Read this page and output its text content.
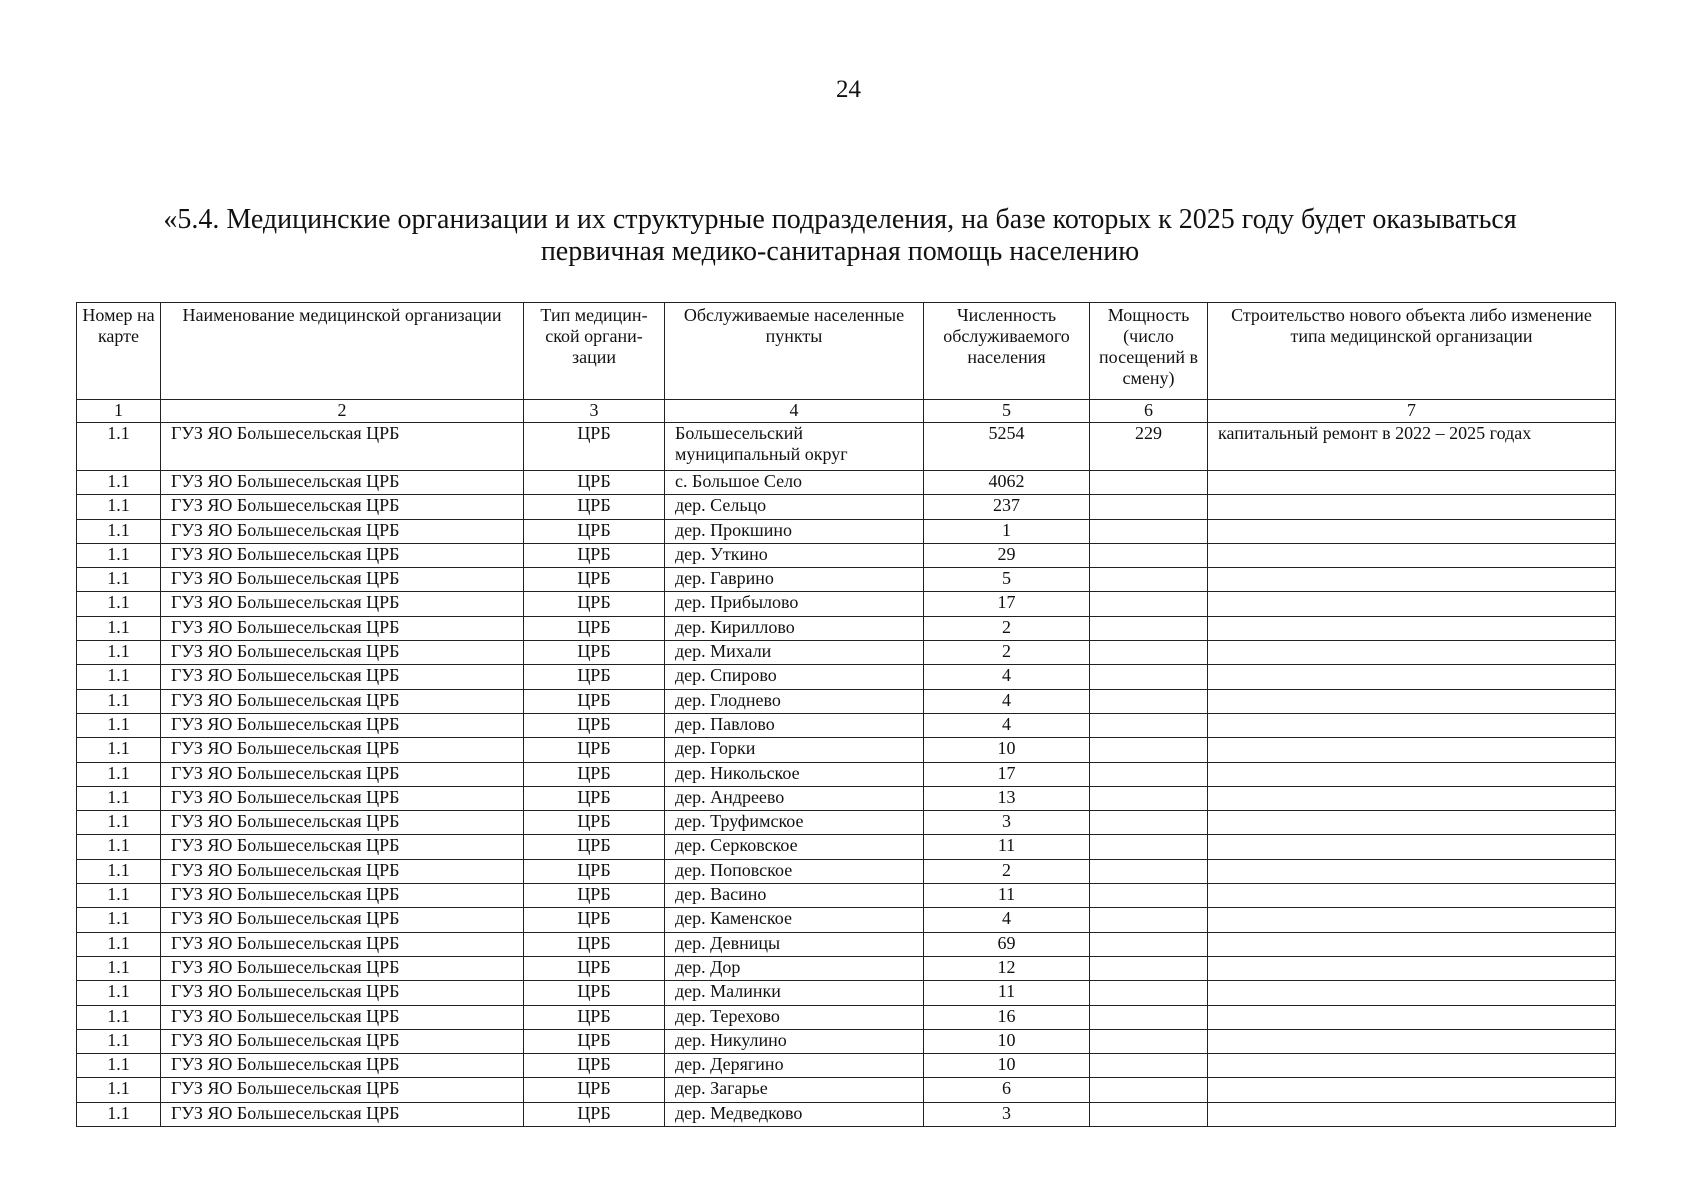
24
«5.4. Медицинские организации и их структурные подразделения, на базе которых к 2025 году будет оказываться
первичная медико-санитарная помощь населению
Номер на карте	Наименование медицинской организации	Тип медицин-ской органи-зации	Обслуживаемые населенные пункты	Численность обслуживаемого населения	Мощность (число посещений в смену)	Строительство нового объекта либо изменение типа медицинской организации
1	2	3	4	5	6	7
1.1	ГУЗ ЯО Большесельская ЦРБ	ЦРБ	Большесельский муниципальный округ	5254	229	капитальный ремонт в 2022 – 2025 годах
1.1	ГУЗ ЯО Большесельская ЦРБ	ЦРБ	с. Большое Село	4062		
1.1	ГУЗ ЯО Большесельская ЦРБ	ЦРБ	дер. Сельцо	237		
1.1	ГУЗ ЯО Большесельская ЦРБ	ЦРБ	дер. Прокшино	1		
1.1	ГУЗ ЯО Большесельская ЦРБ	ЦРБ	дер. Уткино	29		
1.1	ГУЗ ЯО Большесельская ЦРБ	ЦРБ	дер. Гаврино	5		
1.1	ГУЗ ЯО Большесельская ЦРБ	ЦРБ	дер. Прибылово	17		
1.1	ГУЗ ЯО Большесельская ЦРБ	ЦРБ	дер. Кириллово	2		
1.1	ГУЗ ЯО Большесельская ЦРБ	ЦРБ	дер. Михали	2		
1.1	ГУЗ ЯО Большесельская ЦРБ	ЦРБ	дер. Спирово	4		
1.1	ГУЗ ЯО Большесельская ЦРБ	ЦРБ	дер. Глоднево	4		
1.1	ГУЗ ЯО Большесельская ЦРБ	ЦРБ	дер. Павлово	4		
1.1	ГУЗ ЯО Большесельская ЦРБ	ЦРБ	дер. Горки	10		
1.1	ГУЗ ЯО Большесельская ЦРБ	ЦРБ	дер. Никольское	17		
1.1	ГУЗ ЯО Большесельская ЦРБ	ЦРБ	дер. Андреево	13		
1.1	ГУЗ ЯО Большесельская ЦРБ	ЦРБ	дер. Труфимское	3		
1.1	ГУЗ ЯО Большесельская ЦРБ	ЦРБ	дер. Серковское	11		
1.1	ГУЗ ЯО Большесельская ЦРБ	ЦРБ	дер. Поповское	2		
1.1	ГУЗ ЯО Большесельская ЦРБ	ЦРБ	дер. Васино	11		
1.1	ГУЗ ЯО Большесельская ЦРБ	ЦРБ	дер. Каменское	4		
1.1	ГУЗ ЯО Большесельская ЦРБ	ЦРБ	дер. Девницы	69		
1.1	ГУЗ ЯО Большесельская ЦРБ	ЦРБ	дер. Дор	12		
1.1	ГУЗ ЯО Большесельская ЦРБ	ЦРБ	дер. Малинки	11		
1.1	ГУЗ ЯО Большесельская ЦРБ	ЦРБ	дер. Терехово	16		
1.1	ГУЗ ЯО Большесельская ЦРБ	ЦРБ	дер. Никулино	10		
1.1	ГУЗ ЯО Большесельская ЦРБ	ЦРБ	дер. Дерягино	10		
1.1	ГУЗ ЯО Большесельская ЦРБ	ЦРБ	дер. Загарье	6		
1.1	ГУЗ ЯО Большесельская ЦРБ	ЦРБ	дер. Медведково	3		
